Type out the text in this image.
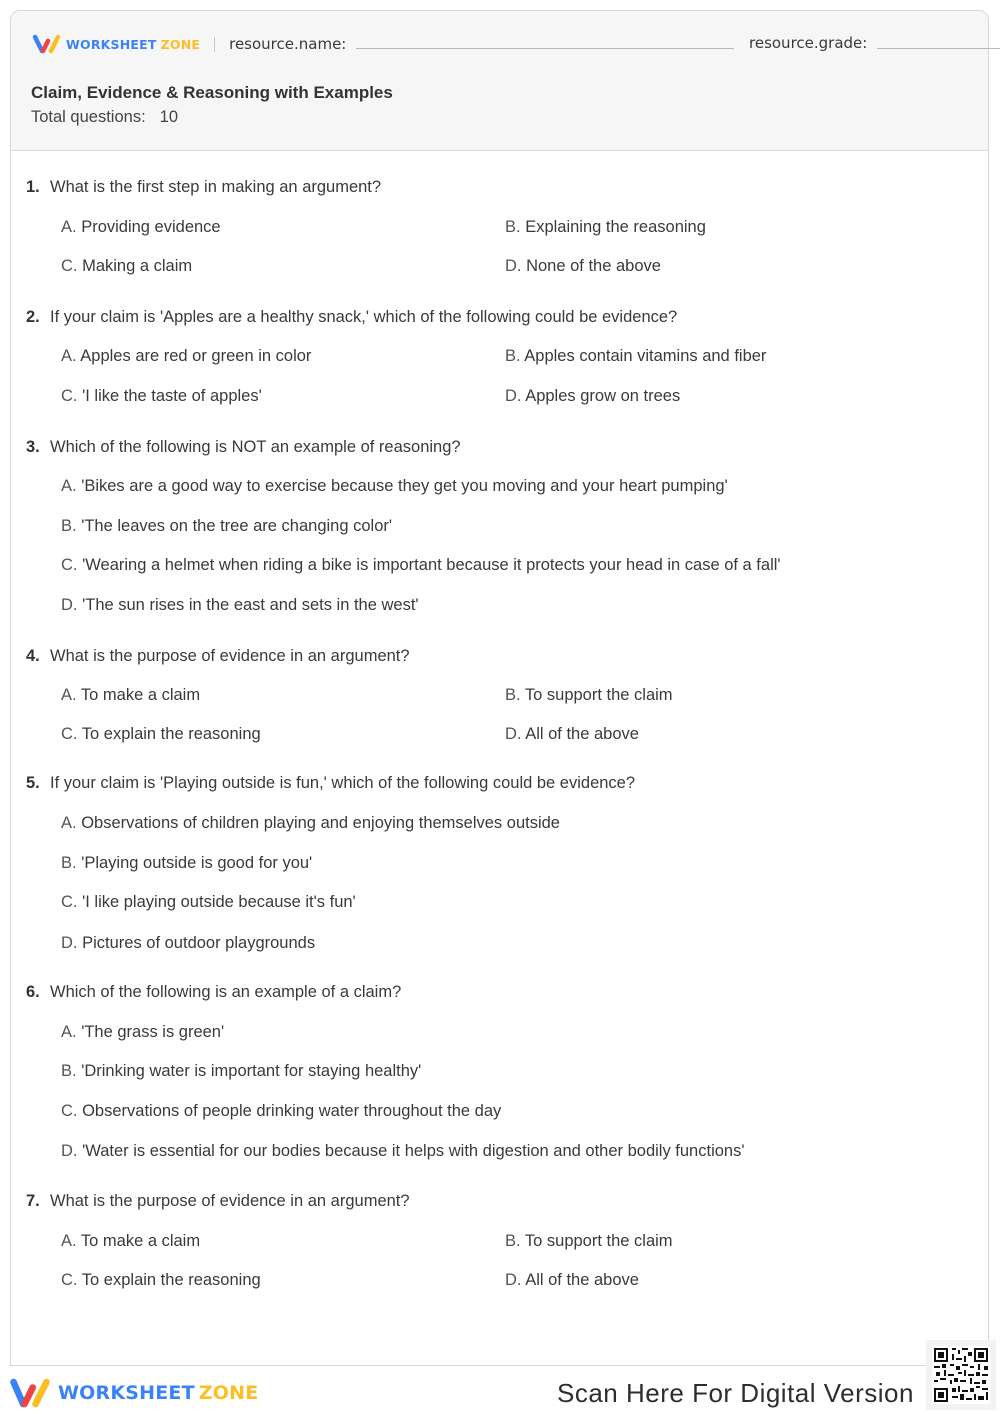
WORKSHEET ZONE resource.name:	resource.grade:
Claim, Evidence & Reasoning with Examples
Total questions: 10
1. What is the first step in making an argument?
A. Providing evidence	B. Explaining the reasoning
C. Making a claim	D. None of the above
2. If your claim is 'Apples are a healthy snack,' which of the following could be evidence?
A. Apples are red or green in color	B. Apples contain vitamins and fiber
C. 'I like the taste of apples'	D. Apples grow on trees
3. Which of the following is NOT an example of reasoning?
A. 'Bikes are a good way to exercise because they get you moving and your heart pumping'
B. 'The leaves on the tree are changing color'
C. 'Wearing a helmet when riding a bike is important because it protects your head in case of a fall'
D. 'The sun rises in the east and sets in the west'
4. What is the purpose of evidence in an argument?
A. To make a claim	B. To support the claim
C. To explain the reasoning	D. All of the above
5. If your claim is 'Playing outside is fun,' which of the following could be evidence?
A. Observations of children playing and enjoying themselves outside
B. 'Playing outside is good for you'
C. 'I like playing outside because it's fun'
D. Pictures of outdoor playgrounds
6. Which of the following is an example of a claim?
A. 'The grass is green'
B. 'Drinking water is important for staying healthy'
C. Observations of people drinking water throughout the day
D. 'Water is essential for our bodies because it helps with digestion and other bodily functions'
7. What is the purpose of evidence in an argument?
A. To make a claim	B. To support the claim
C. To explain the reasoning	D. All of the above
WORKSHEET ZONE	Scan Here For Digital Version
